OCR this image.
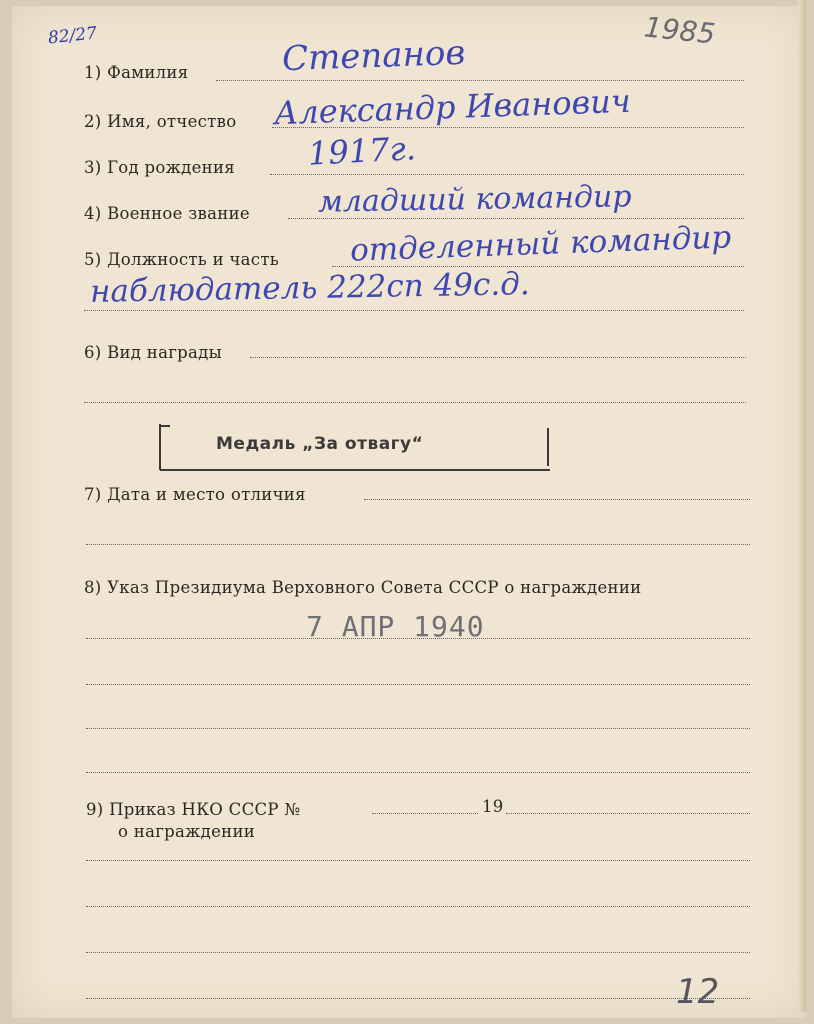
82/27	1985
1) Фамилия	Степанов
2) Имя, отчество Александр Иванович
3) Год рождения 1917г.
4) Военное звание младший командир
5) Должность и часть отделенный командир
наблюдатель 222сп 49с.д.
6) Вид награды
Медаль „За отвагу“
7) Дата и место отличия
8) Указ Президиума Верховного Совета СССР о награждении
7 АПР 1940
9) Приказ НКО СССР №	19
о награждении
12
